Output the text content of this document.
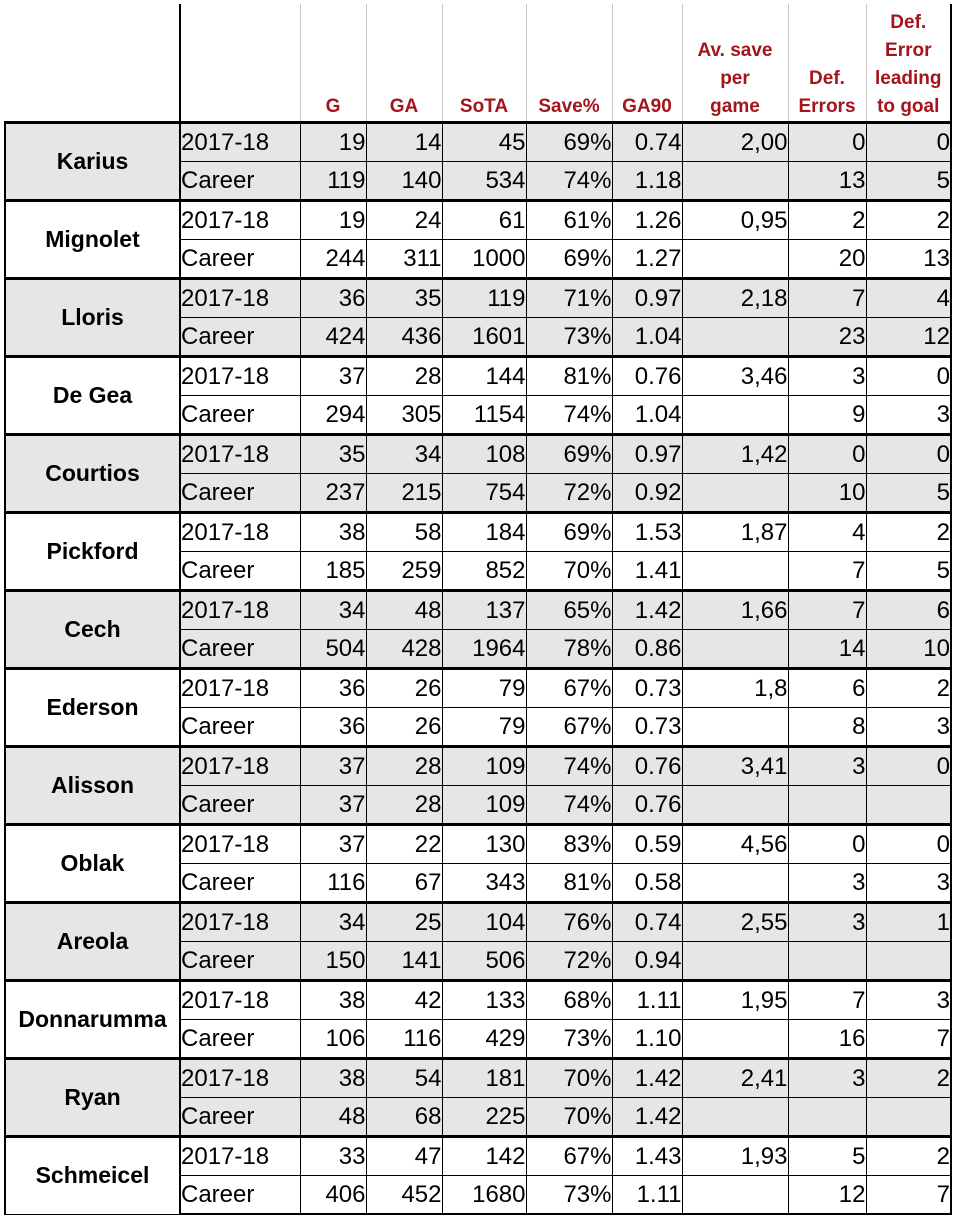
		G	GA	SoTA	Save%	GA90	Av. save
per
game	Def.
Errors	Def.
Error
leading
to goal
Karius	2017-18	19	14	45	69%	0.74	2,00	0	0
	Career	119	140	534	74%	1.18		13	5
Mignolet	2017-18	19	24	61	61%	1.26	0,95	2	2
	Career	244	311	1000	69%	1.27		20	13
Lloris	2017-18	36	35	119	71%	0.97	2,18	7	4
	Career	424	436	1601	73%	1.04		23	12
De Gea	2017-18	37	28	144	81%	0.76	3,46	3	0
	Career	294	305	1154	74%	1.04		9	3
Courtios	2017-18	35	34	108	69%	0.97	1,42	0	0
	Career	237	215	754	72%	0.92		10	5
Pickford	2017-18	38	58	184	69%	1.53	1,87	4	2
	Career	185	259	852	70%	1.41		7	5
Cech	2017-18	34	48	137	65%	1.42	1,66	7	6
	Career	504	428	1964	78%	0.86		14	10
Ederson	2017-18	36	26	79	67%	0.73	1,8	6	2
	Career	36	26	79	67%	0.73		8	3
Alisson	2017-18	37	28	109	74%	0.76	3,41	3	0
	Career	37	28	109	74%	0.76			
Oblak	2017-18	37	22	130	83%	0.59	4,56	0	0
	Career	116	67	343	81%	0.58		3	3
Areola	2017-18	34	25	104	76%	0.74	2,55	3	1
	Career	150	141	506	72%	0.94			
Donnarumma	2017-18	38	42	133	68%	1.11	1,95	7	3
	Career	106	116	429	73%	1.10		16	7
Ryan	2017-18	38	54	181	70%	1.42	2,41	3	2
	Career	48	68	225	70%	1.42			
Schmeicel	2017-18	33	47	142	67%	1.43	1,93	5	2
	Career	406	452	1680	73%	1.11		12	7
